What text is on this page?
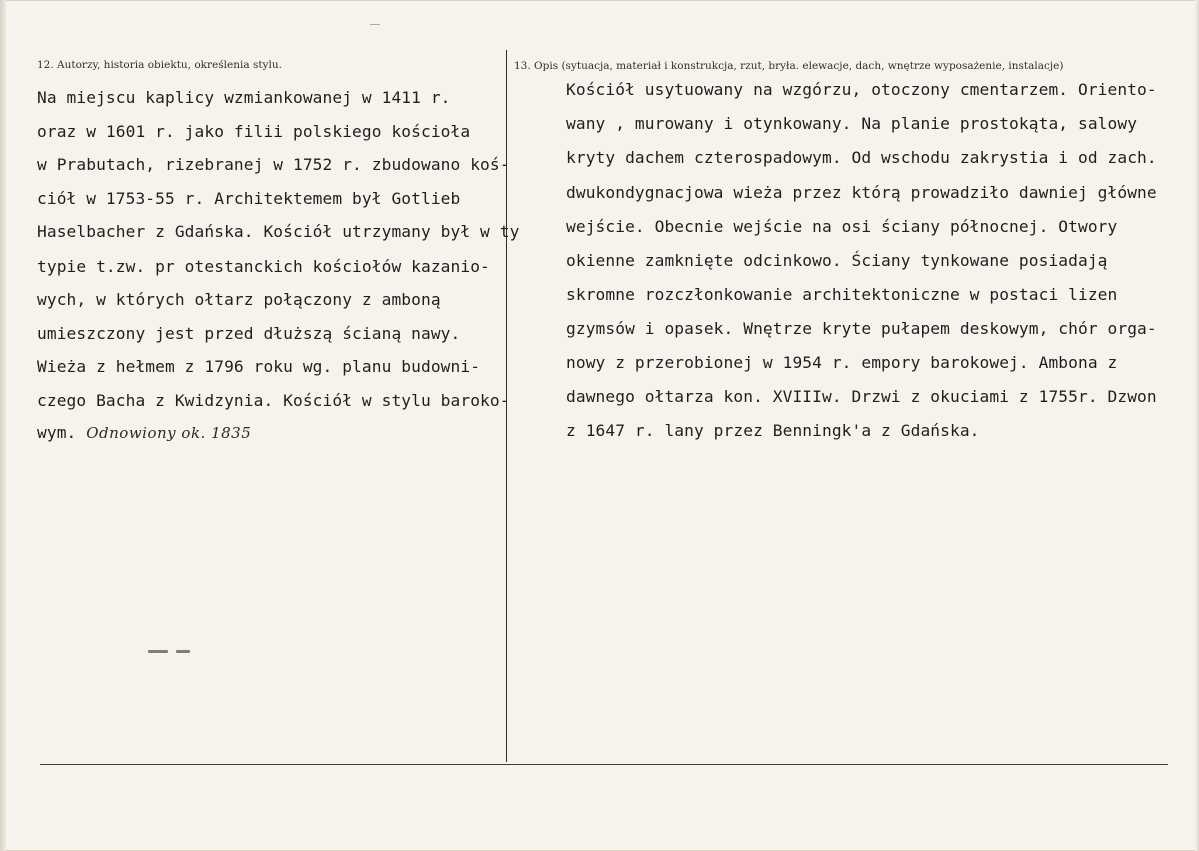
12. Autorzy, historia obiektu, określenia stylu.	13. Opis (sytuacja, materiał i konstrukcja, rzut, bryła. elewacje, dach, wnętrze wyposażenie, instalacje)
Na miejscu kaplicy wzmiankowanej w 1411 r.
oraz w 1601 r. jako filii polskiego kościoła
w Prabutach, rizebranej w 1752 r. zbudowano koś-
ciół w 1753-55 r. Architektemem był Gotlieb
Haselbacher z Gdańska. Kościół utrzymany był w ty
typie t.zw. pr otestanckich kościołów kazanio-
wych, w których ołtarz połączony z amboną
umieszczony jest przed dłuższą ścianą nawy.
Wieża z hełmem z 1796 roku wg. planu budowni-
czego Bacha z Kwidzynia. Kościół w stylu baroko-
wym. Odnowiony ok. 1835
Kościół usytuowany na wzgórzu, otoczony cmentarzem. Oriento-
wany , murowany i otynkowany. Na planie prostokąta, salowy
kryty dachem czterospadowym. Od wschodu zakrystia i od zach.
dwukondygnacjowa wieża przez którą prowadziło dawniej główne
wejście. Obecnie wejście na osi ściany północnej. Otwory
okienne zamknięte odcinkowo. Ściany tynkowane posiadają
skromne rozczłonkowanie architektoniczne w postaci lizen
gzymsów i opasek. Wnętrze kryte pułapem deskowym, chór orga-
nowy z przerobionej w 1954 r. empory barokowej. Ambona z
dawnego ołtarza kon. XVIIIw. Drzwi z okuciami z 1755r. Dzwon
z 1647 r. lany przez Benningk'a z Gdańska.
